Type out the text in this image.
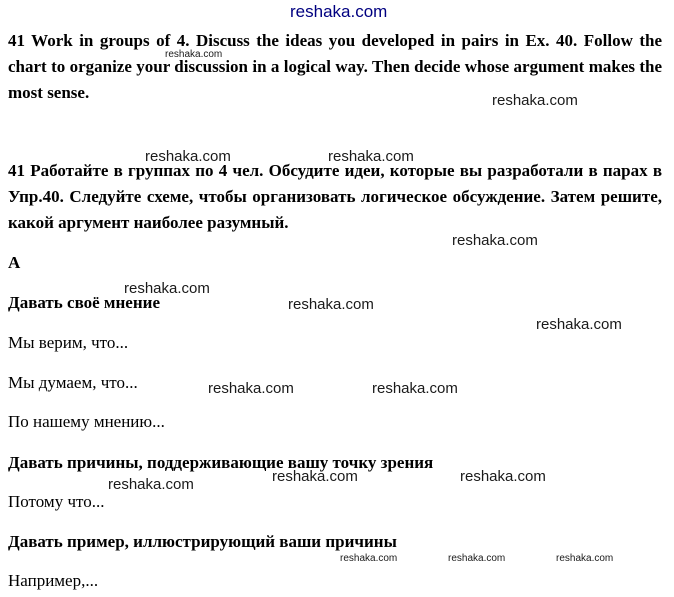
41 Work in groups of 4. Discuss the ideas you developed in pairs in Ex. 40. Follow the chart to organize your discussion in a logical way. Then decide whose argument makes the most sense.

41 Работайте в группах по 4 чел. Обсудите идеи, которые вы разработали в парах в Упр.40. Следуйте схеме, чтобы организовать логическое обсуждение. Затем решите, какой аргумент наиболее разумный.

A

Давать своё мнение

Мы верим, что...

Мы думаем, что...

По нашему мнению...

Давать причины, поддерживающие вашу точку зрения

Потому что...

Давать пример, иллюстрирующий ваши причины

Например,...

reshaka.com
reshaka.com
reshaka.com
reshaka.com	reshaka.com
reshaka.com
reshaka.com
reshaka.com
reshaka.com
reshaka.com	reshaka.com
reshaka.com	reshaka.com
reshaka.com
reshaka.com	reshaka.com	reshaka.com
